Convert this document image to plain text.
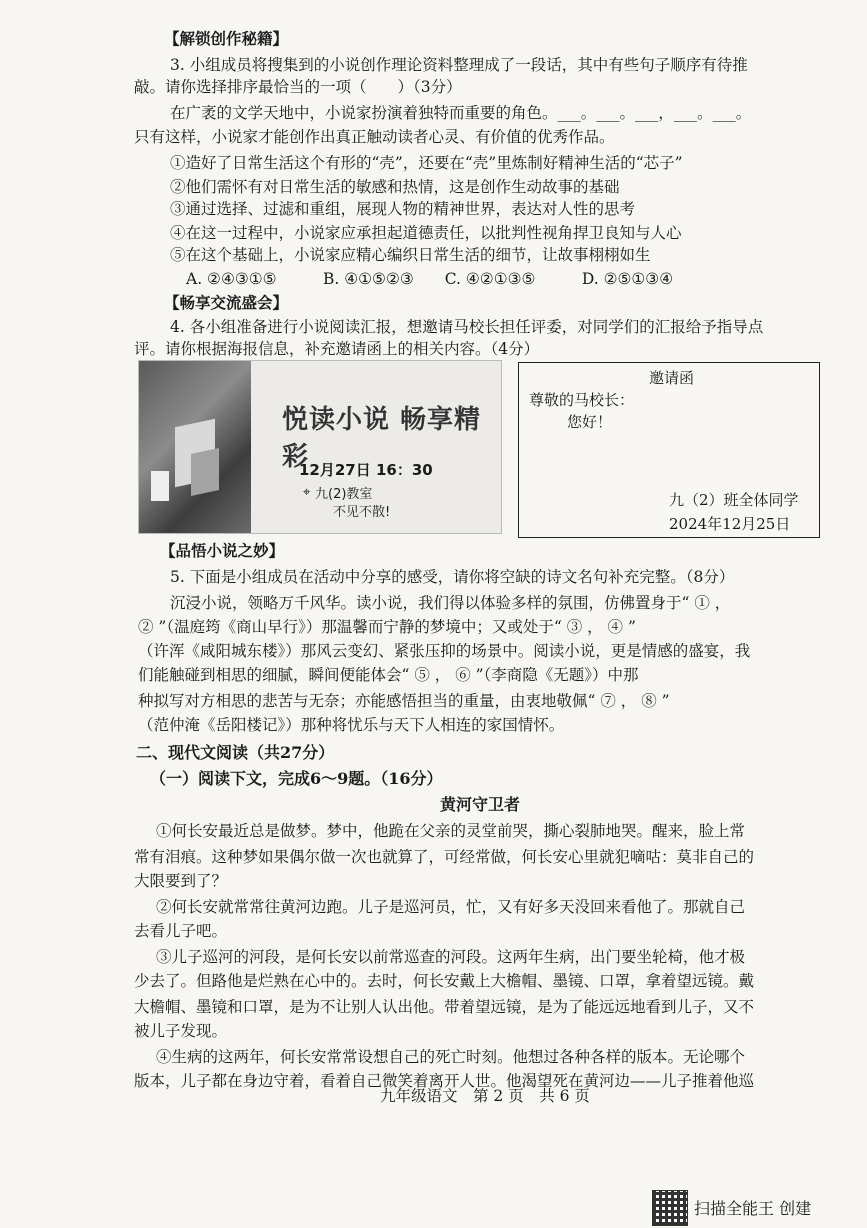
【解锁创作秘籍】
3. 小组成员将搜集到的小说创作理论资料整理成了一段话，其中有些句子顺序有待推
敲。请你选择排序最恰当的一项（　　）（3分）
在广袤的文学天地中，小说家扮演着独特而重要的角色。___。___。___，___。___。
只有这样，小说家才能创作出真正触动读者心灵、有价值的优秀作品。
①造好了日常生活这个有形的“壳”，还要在“壳”里炼制好精神生活的“芯子”
②他们需怀有对日常生活的敏感和热情，这是创作生动故事的基础
③通过选择、过滤和重组，展现人物的精神世界，表达对人性的思考
④在这一过程中，小说家应承担起道德责任，以批判性视角捍卫良知与人心
⑤在这个基础上，小说家应精心编织日常生活的细节，让故事栩栩如生
A. ②④③①⑤　　　B. ④①⑤②③　　C. ④②①③⑤　　　D. ②⑤①③④
【畅享交流盛会】
4. 各小组准备进行小说阅读汇报，想邀请马校长担任评委，对同学们的汇报给予指导点
评。请你根据海报信息，补充邀请函上的相关内容。（4分）
悦读小说 畅享精彩
12月27日 16：30
⌖ 九(2)教室
不见不散!
邀请函
尊敬的马校长：
您好！
九（2）班全体同学
2024年12月25日
【品悟小说之妙】
5. 下面是小组成员在活动中分享的感受，请你将空缺的诗文名句补充完整。（8分）
沉浸小说，领略万千风华。读小说，我们得以体验多样的氛围，仿佛置身于“ ① ，
② ”（温庭筠《商山早行》）那温馨而宁静的梦境中；又或处于“ ③ ， ④ ”
（许浑《咸阳城东楼》）那风云变幻、紧张压抑的场景中。阅读小说，更是情感的盛宴，我
们能触碰到相思的细腻，瞬间便能体会“ ⑤ ， ⑥ ”（李商隐《无题》）中那
种拟写对方相思的悲苦与无奈；亦能感悟担当的重量，由衷地敬佩“ ⑦ ， ⑧ ”
（范仲淹《岳阳楼记》）那种将忧乐与天下人相连的家国情怀。
二、现代文阅读（共27分）
（一）阅读下文，完成6～9题。（16分）
黄河守卫者
①何长安最近总是做梦。梦中，他跪在父亲的灵堂前哭，撕心裂肺地哭。醒来，脸上常
常有泪痕。这种梦如果偶尔做一次也就算了，可经常做，何长安心里就犯嘀咕：莫非自己的
大限要到了？
②何长安就常常往黄河边跑。儿子是巡河员，忙，又有好多天没回来看他了。那就自己
去看儿子吧。
③儿子巡河的河段，是何长安以前常巡查的河段。这两年生病，出门要坐轮椅，他才极
少去了。但路他是烂熟在心中的。去时，何长安戴上大檐帽、墨镜、口罩，拿着望远镜。戴
大檐帽、墨镜和口罩，是为不让别人认出他。带着望远镜，是为了能远远地看到儿子，又不
被儿子发现。
④生病的这两年，何长安常常设想自己的死亡时刻。他想过各种各样的版本。无论哪个
版本，儿子都在身边守着，看着自己微笑着离开人世。他渴望死在黄河边——儿子推着他巡
九年级语文　第 2 页　共 6 页
扫描全能王 创建
